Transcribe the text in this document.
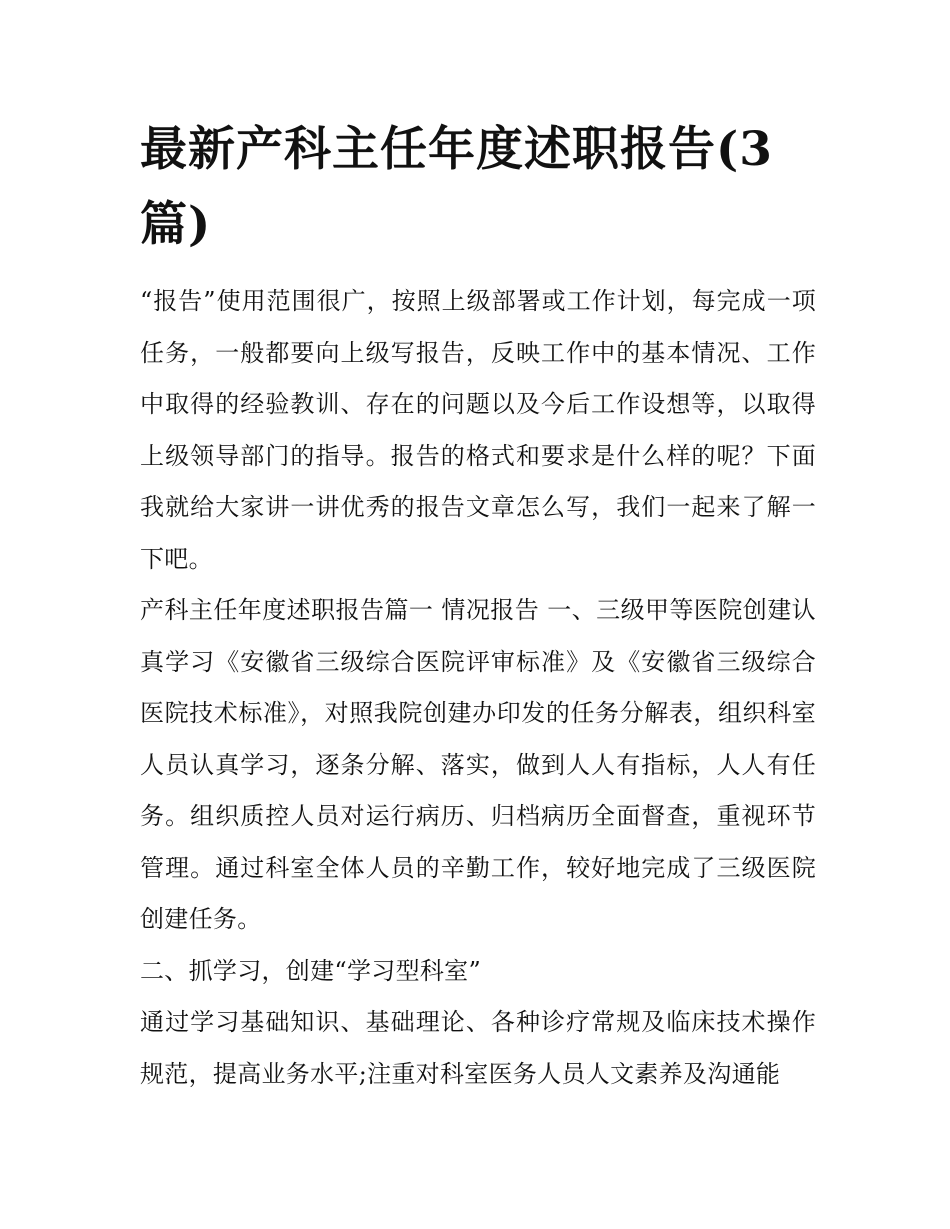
最新产科主任年度述职报告(3篇)

“报告”使用范围很广，按照上级部署或工作计划，每完成一项任务，一般都要向上级写报告，反映工作中的基本情况、工作中取得的经验教训、存在的问题以及今后工作设想等，以取得上级领导部门的指导。报告的格式和要求是什么样的呢？下面我就给大家讲一讲优秀的报告文章怎么写，我们一起来了解一下吧。

产科主任年度述职报告篇一 情况报告 一、三级甲等医院创建认真学习《安徽省三级综合医院评审标准》及《安徽省三级综合医院技术标准》，对照我院创建办印发的任务分解表，组织科室人员认真学习，逐条分解、落实，做到人人有指标，人人有任务。组织质控人员对运行病历、归档病历全面督查，重视环节管理。通过科室全体人员的辛勤工作，较好地完成了三级医院创建任务。

二、抓学习，创建“学习型科室”

通过学习基础知识、基础理论、各种诊疗常规及临床技术操作规范，提高业务水平;注重对科室医务人员人文素养及沟通能
